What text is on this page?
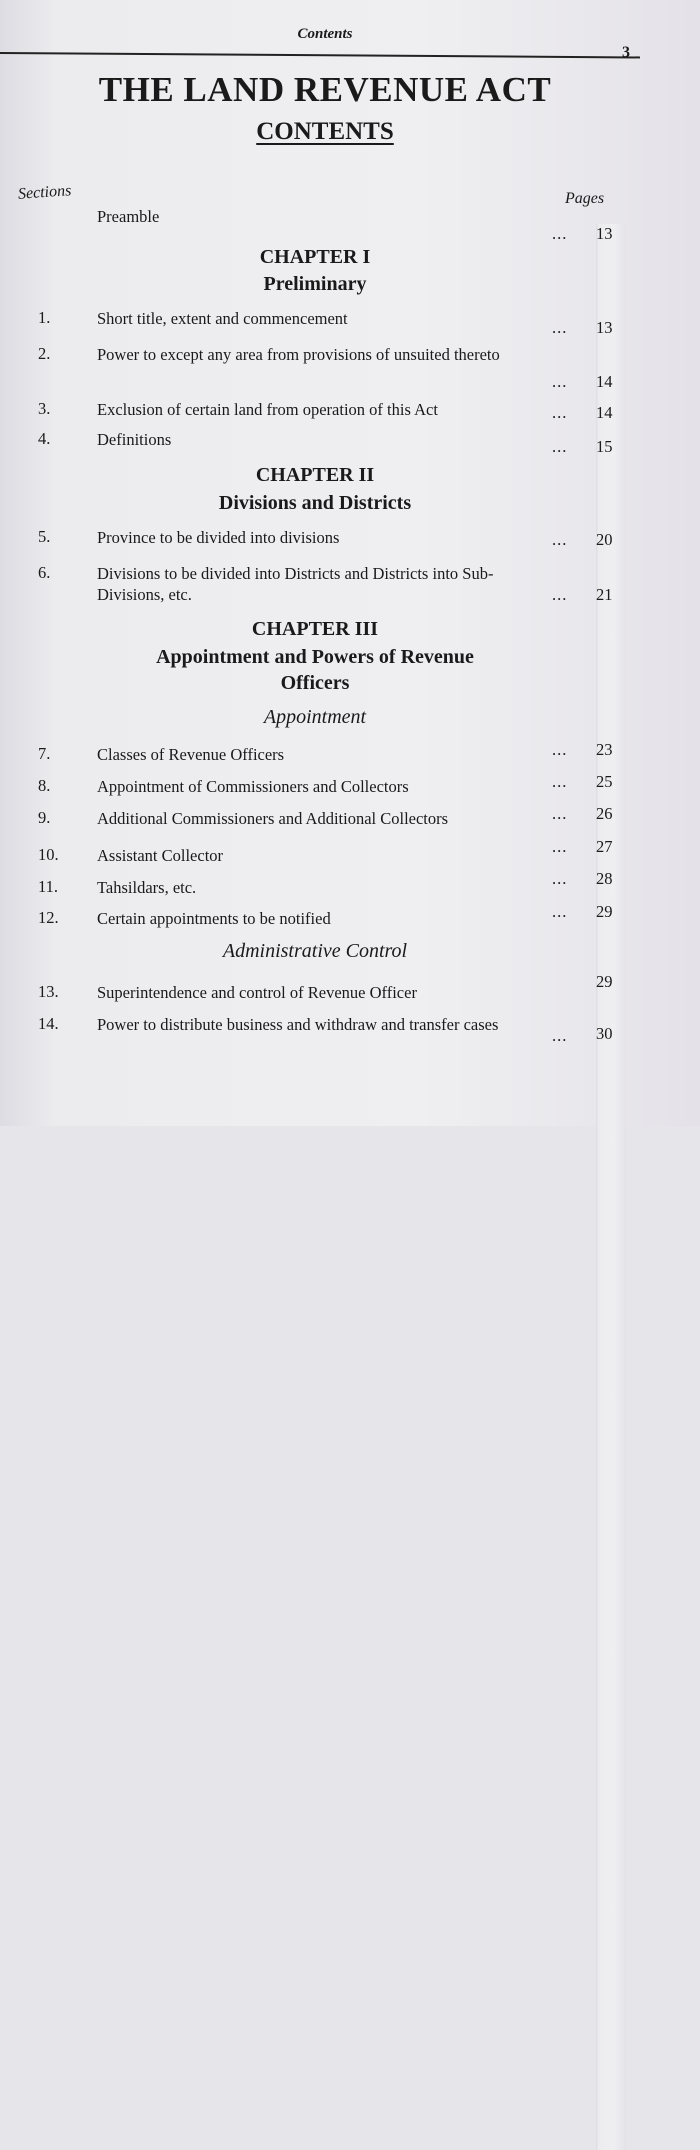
Contents
3
THE LAND REVENUE ACT
CONTENTS
Sections	Pages
Preamble
... 13
CHAPTER I
Preliminary
1.	Short title, extent and commencement	... 13
2.	Power to except any area from provisions of unsuited thereto
... 14
3.	Exclusion of certain land from operation of this Act	... 14
4.	Definitions	... 15
CHAPTER II
Divisions and Districts
5.	Province to be divided into divisions	... 20
6.	Divisions to be divided into Districts and Districts into Sub-Divisions, etc.	... 21
CHAPTER III
Appointment and Powers of Revenue
Officers
Appointment
7.	Classes of Revenue Officers	... 23
8.	Appointment of Commissioners and Collectors	... 25
9.	Additional Commissioners and Additional Collectors	... 26
10.	Assistant Collector	... 27
11.	Tahsildars, etc.	... 28
12.	Certain appointments to be notified	... 29
Administrative Control
13.	Superintendence and control of Revenue Officer
29
14.	Power to distribute business and withdraw and transfer cases
... 30
